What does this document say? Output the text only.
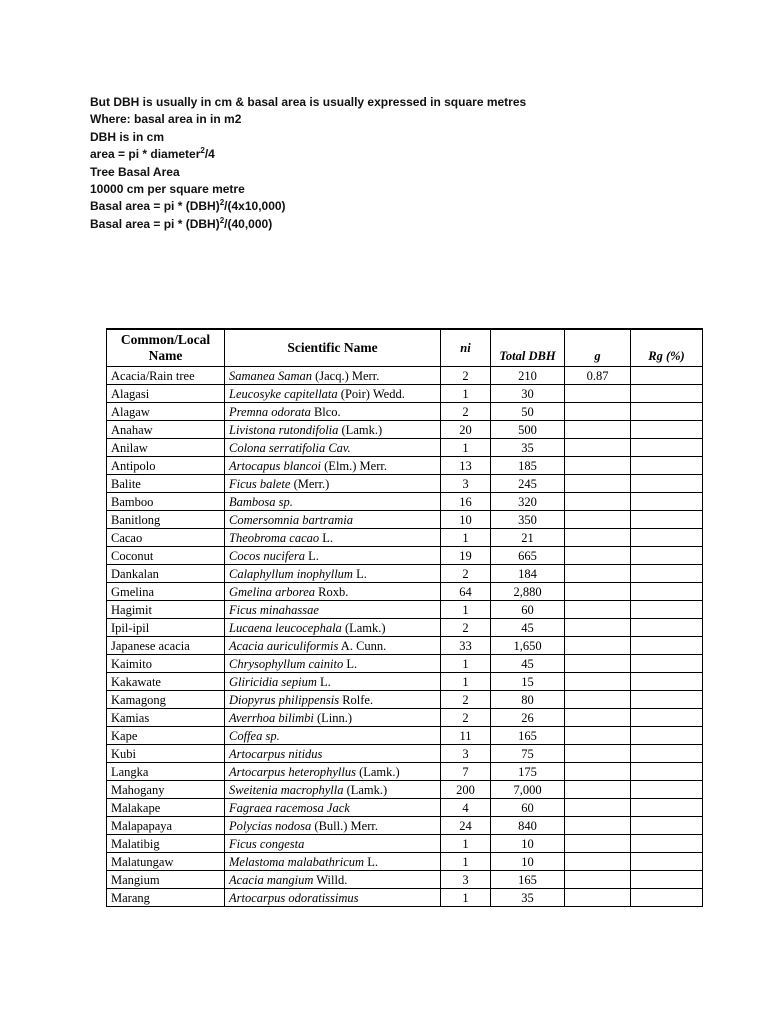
But DBH is usually in cm & basal area is usually expressed in square metres
Where: basal area in in m2
DBH is in cm
area = pi * diameter$^2$/4
Tree Basal Area
10000 cm per square metre
Basal area = pi * (DBH)$^2$/(4x10,000)
Basal area = pi * (DBH)$^2$/(40,000)
Common/Local Name	Scientific Name	ni	Total DBH	g	Rg (%)
Acacia/Rain tree	Samanea Saman (Jacq.) Merr.	2	210	0.87	
Alagasi	Leucosyke capitellata (Poir) Wedd.	1	30		
Alagaw	Premna odorata Blco.	2	50		
Anahaw	Livistona rutondifolia (Lamk.)	20	500		
Anilaw	Colona serratifolia Cav.	1	35		
Antipolo	Artocapus blancoi (Elm.) Merr.	13	185		
Balite	Ficus balete (Merr.)	3	245		
Bamboo	Bambosa sp.	16	320		
Banitlong	Comersomnia bartramia	10	350		
Cacao	Theobroma cacao L.	1	21		
Coconut	Cocos nucifera L.	19	665		
Dankalan	Calaphyllum inophyllum L.	2	184		
Gmelina	Gmelina arborea Roxb.	64	2,880		
Hagimit	Ficus minahassae	1	60		
Ipil-ipil	Lucaena leucocephala (Lamk.)	2	45		
Japanese acacia	Acacia auriculiformis A. Cunn.	33	1,650		
Kaimito	Chrysophyllum cainito L.	1	45		
Kakawate	Gliricidia sepium L.	1	15		
Kamagong	Diopyrus philippensis Rolfe.	2	80		
Kamias	Averrhoa bilimbi (Linn.)	2	26		
Kape	Coffea sp.	11	165		
Kubi	Artocarpus nitidus	3	75		
Langka	Artocarpus heterophyllus (Lamk.)	7	175		
Mahogany	Sweitenia macrophylla (Lamk.)	200	7,000		
Malakape	Fagraea racemosa Jack	4	60		
Malapapaya	Polycias nodosa (Bull.) Merr.	24	840		
Malatibig	Ficus congesta	1	10		
Malatungaw	Melastoma malabathricum L.	1	10		
Mangium	Acacia mangium Willd.	3	165		
Marang	Artocarpus odoratissimus	1	35		
